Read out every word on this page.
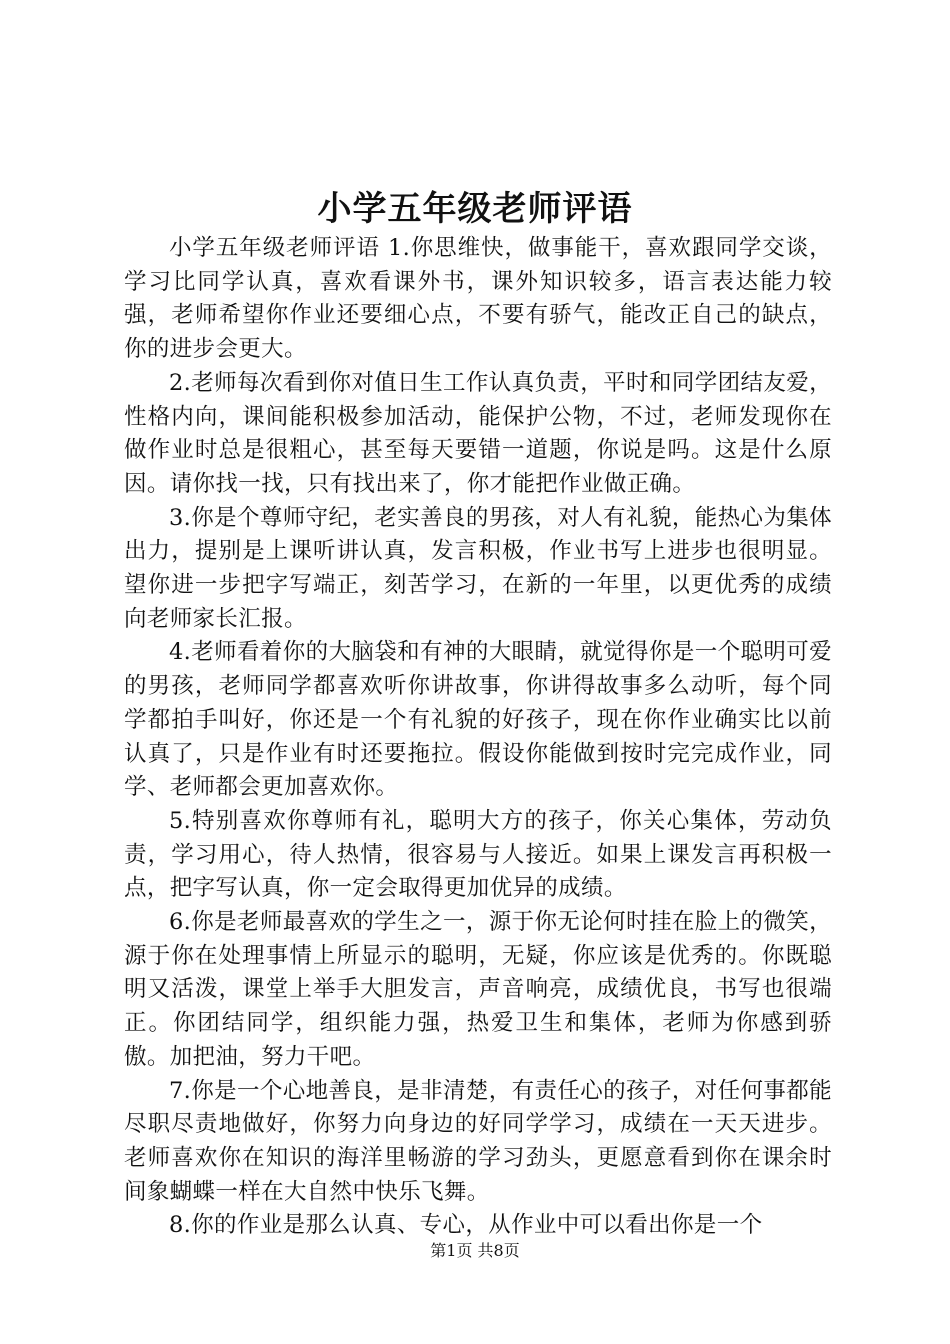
小学五年级老师评语

小学五年级老师评语 1.你思维快，做事能干，喜欢跟同学交谈，学习比同学认真，喜欢看课外书，课外知识较多，语言表达能力较强，老师希望你作业还要细心点，不要有骄气，能改正自己的缺点，你的进步会更大。

2.老师每次看到你对值日生工作认真负责，平时和同学团结友爱，性格内向，课间能积极参加活动，能保护公物，不过，老师发现你在做作业时总是很粗心，甚至每天要错一道题，你说是吗。这是什么原因。请你找一找，只有找出来了，你才能把作业做正确。

3.你是个尊师守纪，老实善良的男孩，对人有礼貌，能热心为集体出力，提别是上课听讲认真，发言积极，作业书写上进步也很明显。望你进一步把字写端正，刻苦学习，在新的一年里，以更优秀的成绩向老师家长汇报。

4.老师看着你的大脑袋和有神的大眼睛，就觉得你是一个聪明可爱的男孩，老师同学都喜欢听你讲故事，你讲得故事多么动听，每个同学都拍手叫好，你还是一个有礼貌的好孩子，现在你作业确实比以前认真了，只是作业有时还要拖拉。假设你能做到按时完完成作业，同学、老师都会更加喜欢你。

5.特别喜欢你尊师有礼，聪明大方的孩子，你关心集体，劳动负责，学习用心，待人热情，很容易与人接近。如果上课发言再积极一点，把字写认真，你一定会取得更加优异的成绩。

6.你是老师最喜欢的学生之一，源于你无论何时挂在脸上的微笑，源于你在处理事情上所显示的聪明，无疑，你应该是优秀的。你既聪明又活泼，课堂上举手大胆发言，声音响亮，成绩优良，书写也很端正。你团结同学，组织能力强，热爱卫生和集体，老师为你感到骄傲。加把油，努力干吧。

7.你是一个心地善良，是非清楚，有责任心的孩子，对任何事都能尽职尽责地做好，你努力向身边的好同学学习，成绩在一天天进步。老师喜欢你在知识的海洋里畅游的学习劲头，更愿意看到你在课余时间象蝴蝶一样在大自然中快乐飞舞。

8.你的作业是那么认真、专心，从作业中可以看出你是一个

第1页 共8页
